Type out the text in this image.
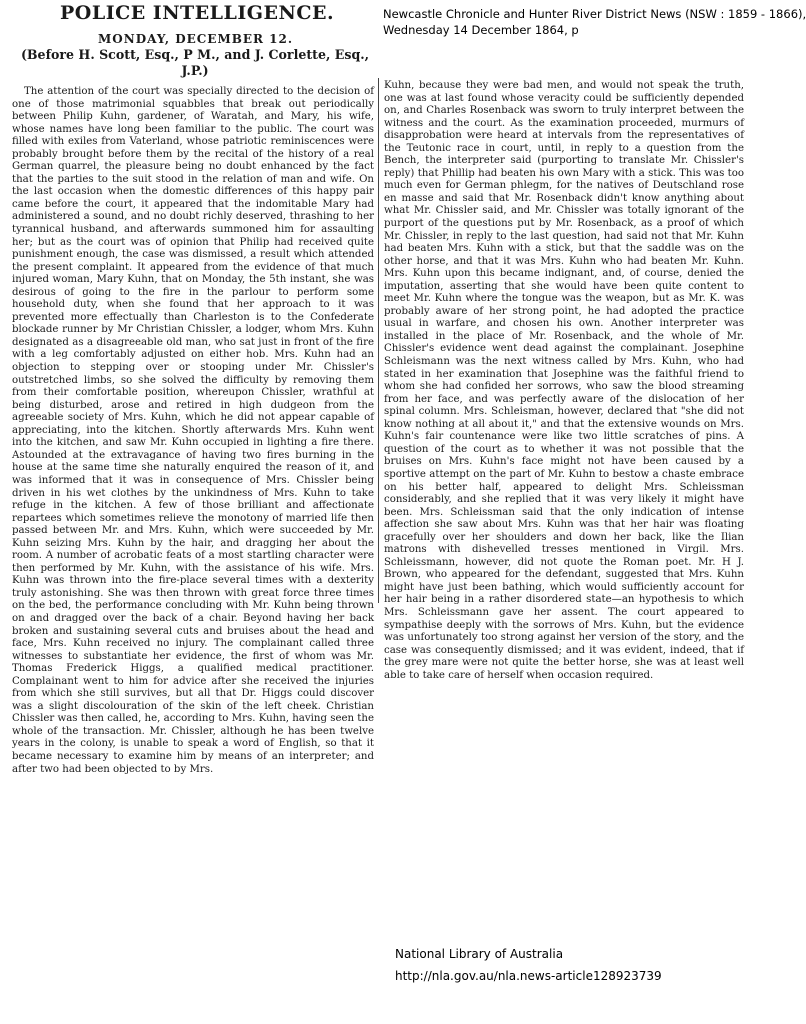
POLICE INTELLIGENCE.
MONDAY, DECEMBER 12.
(Before H. Scott, Esq., P M., and J. Corlette, Esq., J.P.)

The attention of the court was specially directed to the decision of one of those matrimonial squabbles that break out periodically between Philip Kuhn, gardener, of Waratah, and Mary, his wife, whose names have long been familiar to the public. The court was filled with exiles from Vaterland, whose patriotic reminiscences were probably brought before them by the recital of the history of a real German quarrel, the pleasure being no doubt enhanced by the fact that the parties to the suit stood in the relation of man and wife. On the last occasion when the domestic differences of this happy pair came before the court, it appeared that the indomitable Mary had administered a sound, and no doubt richly deserved, thrashing to her tyrannical husband, and afterwards summoned him for assaulting her; but as the court was of opinion that Philip had received quite punishment enough, the case was dismissed, a result which attended the present complaint. It appeared from the evidence of that much injured woman, Mary Kuhn, that on Monday, the 5th instant, she was desirous of going to the fire in the parlour to perform some household duty, when she found that her approach to it was prevented more effectually than Charleston is to the Confederate blockade runner by Mr Christian Chissler, a lodger, whom Mrs. Kuhn designated as a disagreeable old man, who sat just in front of the fire with a leg comfortably adjusted on either hob. Mrs. Kuhn had an objection to stepping over or stooping under Mr. Chissler's outstretched limbs, so she solved the difficulty by removing them from their comfortable position, whereupon Chissler, wrathful at being disturbed, arose and retired in high dudgeon from the agreeable society of Mrs. Kuhn, which he did not appear capable of appreciating, into the kitchen. Shortly afterwards Mrs. Kuhn went into the kitchen, and saw Mr. Kuhn occupied in lighting a fire there. Astounded at the extravagance of having two fires burning in the house at the same time she naturally enquired the reason of it, and was informed that it was in consequence of Mrs. Chissler being driven in his wet clothes by the unkindness of Mrs. Kuhn to take refuge in the kitchen. A few of those brilliant and affectionate repartees which sometimes relieve the monotony of married life then passed between Mr. and Mrs. Kuhn, which were succeeded by Mr. Kuhn seizing Mrs. Kuhn by the hair, and dragging her about the room. A number of acrobatic feats of a most startling character were then performed by Mr. Kuhn, with the assistance of his wife. Mrs. Kuhn was thrown into the fire-place several times with a dexterity truly astonishing. She was then thrown with great force three times on the bed, the performance concluding with Mr. Kuhn being thrown on and dragged over the back of a chair. Beyond having her back broken and sustaining several cuts and bruises about the head and face, Mrs. Kuhn received no injury. The complainant called three witnesses to substantiate her evidence, the first of whom was Mr. Thomas Frederick Higgs, a qualified medical practitioner. Complainant went to him for advice after she received the injuries from which she still survives, but all that Dr. Higgs could discover was a slight discolouration of the skin of the left cheek. Christian Chissler was then called, he, according to Mrs. Kuhn, having seen the whole of the transaction. Mr. Chissler, although he has been twelve years in the colony, is unable to speak a word of English, so that it became necessary to examine him by means of an interpreter; and after two had been objected to by Mrs.

Kuhn, because they were bad men, and would not speak the truth, one was at last found whose veracity could be sufficiently depended on, and Charles Rosenback was sworn to truly interpret between the witness and the court. As the examination proceeded, murmurs of disapprobation were heard at intervals from the representatives of the Teutonic race in court, until, in reply to a question from the Bench, the interpreter said (purporting to translate Mr. Chissler's reply) that Phillip had beaten his own Mary with a stick. This was too much even for German phlegm, for the natives of Deutschland rose en masse and said that Mr. Rosenback didn't know anything about what Mr. Chissler said, and Mr. Chissler was totally ignorant of the purport of the questions put by Mr. Rosenback, as a proof of which Mr. Chissler, in reply to the last question, had said not that Mr. Kuhn had beaten Mrs. Kuhn with a stick, but that the saddle was on the other horse, and that it was Mrs. Kuhn who had beaten Mr. Kuhn. Mrs. Kuhn upon this became indignant, and, of course, denied the imputation, asserting that she would have been quite content to meet Mr. Kuhn where the tongue was the weapon, but as Mr. K. was probably aware of her strong point, he had adopted the practice usual in warfare, and chosen his own. Another interpreter was installed in the place of Mr. Rosenback, and the whole of Mr. Chissler's evidence went dead against the complainant. Josephine Schleismann was the next witness called by Mrs. Kuhn, who had stated in her examination that Josephine was the faithful friend to whom she had confided her sorrows, who saw the blood streaming from her face, and was perfectly aware of the dislocation of her spinal column. Mrs. Schleisman, however, declared that "she did not know nothing at all about it," and that the extensive wounds on Mrs. Kuhn's fair countenance were like two little scratches of pins. A question of the court as to whether it was not possible that the bruises on Mrs. Kuhn's face might not have been caused by a sportive attempt on the part of Mr. Kuhn to bestow a chaste embrace on his better half, appeared to delight Mrs. Schleissman considerably, and she replied that it was very likely it might have been. Mrs. Schleissman said that the only indication of intense affection she saw about Mrs. Kuhn was that her hair was floating gracefully over her shoulders and down her back, like the Ilian matrons with dishevelled tresses mentioned in Virgil. Mrs. Schleissmann, however, did not quote the Roman poet. Mr. H J. Brown, who appeared for the defendant, suggested that Mrs. Kuhn might have just been bathing, which would sufficiently account for her hair being in a rather disordered state—an hypothesis to which Mrs. Schleissmann gave her assent. The court appeared to sympathise deeply with the sorrows of Mrs. Kuhn, but the evidence was unfortunately too strong against her version of the story, and the case was consequently dismissed; and it was evident, indeed, that if the grey mare were not quite the better horse, she was at least well able to take care of herself when occasion required.

Newcastle Chronicle and Hunter River District News (NSW : 1859 - 1866),
Wednesday 14 December 1864, p
National Library of Australia
http://nla.gov.au/nla.news-article128923739
